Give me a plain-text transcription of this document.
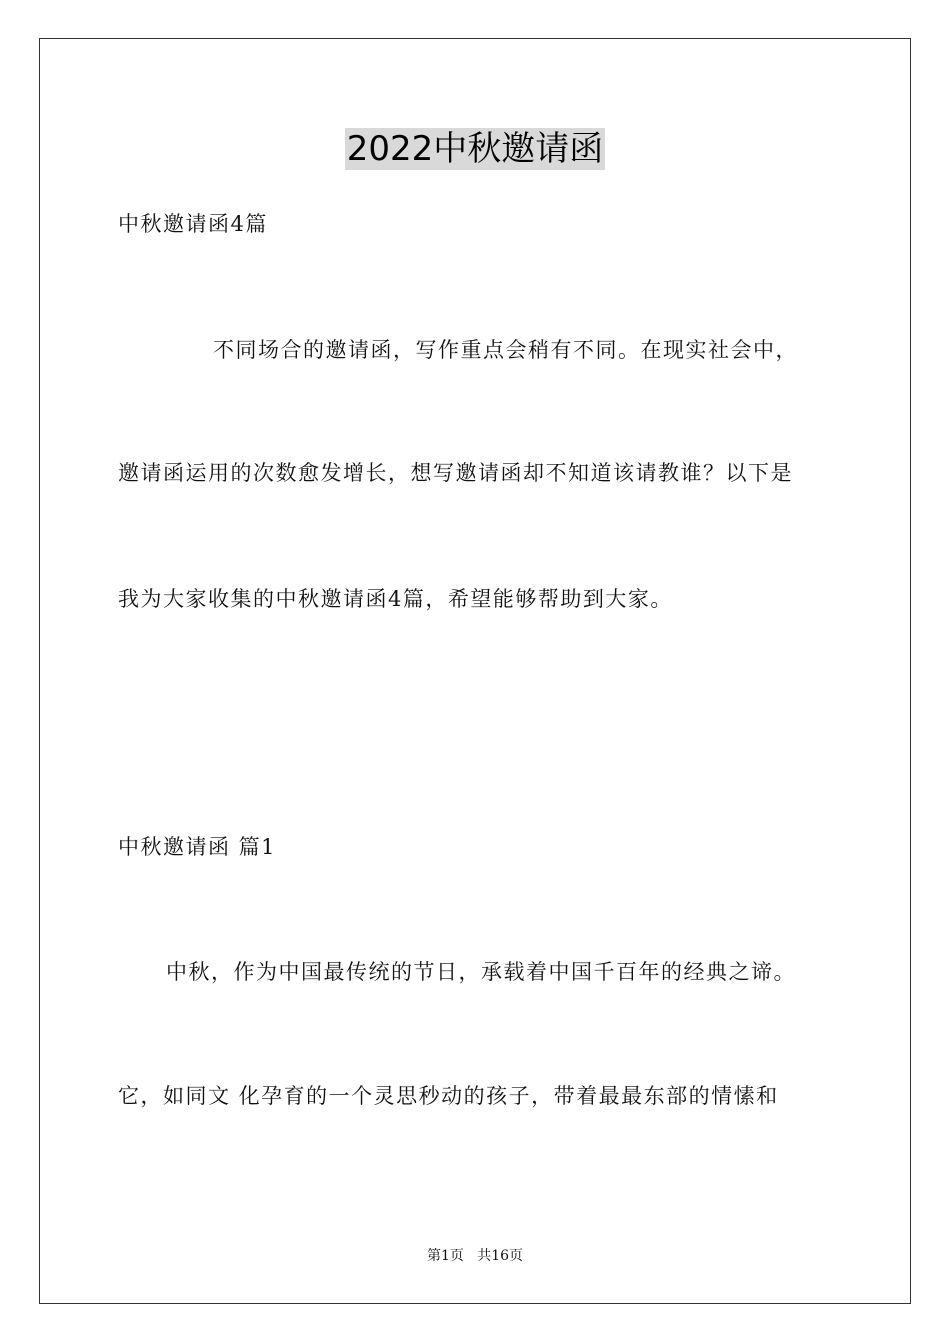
2022中秋邀请函
中秋邀请函4篇
不同场合的邀请函，写作重点会稍有不同。在现实社会中，
邀请函运用的次数愈发增长，想写邀请函却不知道该请教谁？以下是
我为大家收集的中秋邀请函4篇，希望能够帮助到大家。
中秋邀请函 篇1
中秋，作为中国最传统的节日，承载着中国千百年的经典之谛。
它，如同文 化孕育的一个灵思秒动的孩子，带着最最东部的情愫和
第1页   共16页
